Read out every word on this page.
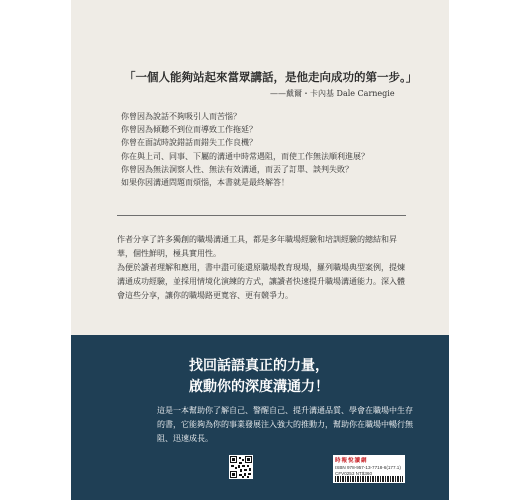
「一個人能夠站起來當眾講話，是他走向成功的第一步。」
——戴爾・卡內基 Dale Carnegie
你曾因為說話不夠吸引人而苦惱？
你曾因為傾聽不到位而導致工作拖延？
你曾在面試時說錯話而錯失工作良機？
你在與上司、同事、下屬的溝通中時常遇阻，而使工作無法順利進展？
你曾因為無法洞察人性、無法有效溝通，而丟了訂單、談判失敗？
如果你因溝通問題而煩惱，本書就是最終解答！

作者分享了許多獨創的職場溝通工具，都是多年職場經驗和培訓經驗的總結和昇華，個性鮮明，極具實用性。

為便於讀者理解和應用，書中盡可能還原職場教育現場，羅列職場典型案例，提煉溝通成功經驗，並採用情境化演練的方式，讓讀者快速提升職場溝通能力。深入體會這些分享，讓你的職場路更寬容、更有競爭力。

找回話語真正的力量，
啟動你的深度溝通力！
這是一本幫助你了解自己、警醒自己、提升溝通品質、學會在職場中生存的書，它能夠為你的事業發展注入強大的推動力，幫助你在職場中暢行無阻、迅速成長。
時報悅讀網
ISBN 978-957-13-7718-6(177.1)
CFV0253 NT$360
